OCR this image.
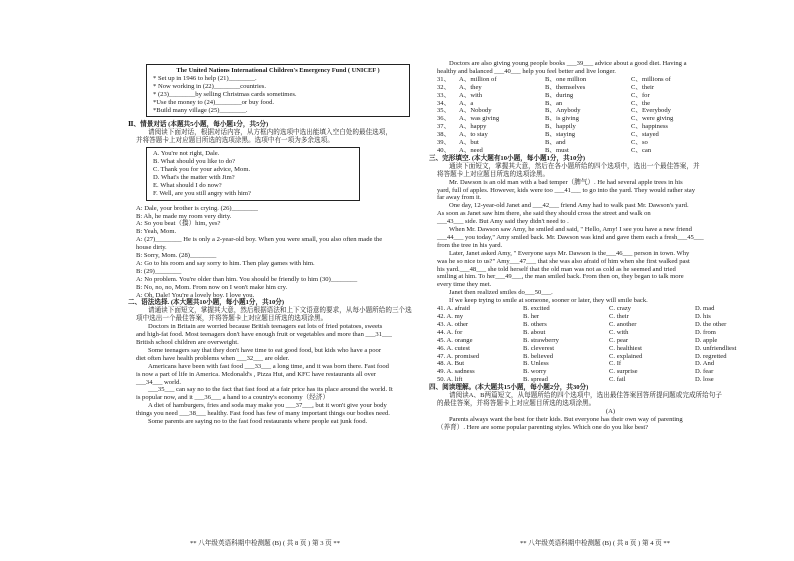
The United Nations International Children's Emergency Fund ( UNICEF )
* Set up in 1946 to help (21)________.
* Now working in (22)________countries.
* (23)________by selling Christmas cards sometimes.
*Use the money to (24)________or buy food.
*Build many village (25)________.
Ⅱ、情景对话 (本题共5小题，每小题1分，共5分)
请阅读下面对话，根据对话内容，从方框内的选项中选出能填入空白处的最佳选项，
并将答题卡上对应题目所选的选项涂黑。选项中有一项为多余选项。
A. You're not right, Dale.
B. What should you like to do?
C. Thank you for your advice, Mom.
D. What's the matter with Jim?
E. What should I do now?
F. Well, are you still angry with him?
A: Dale, your brother is crying. (26)________
B: Ah, he made my room very dirty.
A: So you beat（揍）him, yes?
B: Yeah, Mom.
A: (27)________ He is only a 2-year-old boy. When you were small, you also often made the
house dirty.
B: Sorry, Mom. (28)________
A: Go to his room and say sorry to him. Then play games with him.
B: (29)________
A: No problem. You're older than him. You should be friendly to him (30)________
B: No, no, no, Mom. From now on I won't make him cry.
A: Oh, Dale! You're a lovely boy. I love you.
二、语法选择. (本大题共10小题，每小题1分，共10分)
请通读下面短文，掌握其大意，然后根据语法和上下文语意的要求，从每小题所给的三个选
项中选出一个最佳答案，并将答题卡上对应题目所选的选项涂黑。
Doctors in Britain are worried because British teenagers eat lots of fried potatoes, sweets
and high-fat food. Most teenagers don't have enough fruit or vegetables and more than ___31___
British school children are overweight.
Some teenagers say that they don't have time to eat good food, but kids who have a poor
diet often have health problems when ___32___ are older.
Americans have been with fast food ___33___ a long time, and it was born there. Fast food
is now a part of life in America. Mcdonald's , Pizza Hut, and KFC have restaurants all over
___34___ world.
___35___ can say no to the fact that fast food at a fair price has its place around the world. It
is popular now, and it ___36___ a hand to a country's economy（经济）
A diet of hamburgers, fries and soda may make you ___37___, but it won't give your body
things you need ___38___ healthy. Fast food has few of many important things our bodies need.
Some parents are saying no to the fast food restaurants where people eat junk food.
** 八年级英语科期中检测题 (B) ( 共 8 页 ) 第 3 页 **
Doctors are also giving young people books ___39___ advice about a good diet. Having a
healthy and balanced ___40___ help you feel better and live longer.
31、	A、million of	B、one million	C、millions of
32、	A、they	B、themselves	C、their
33、	A、with	B、during	C、for
34、	A、a	B、an	C、the
35、	A、Nobody	B、Anybody	C、Everybody
36、	A、was giving	B、is giving	C、were giving
37、	A、happy	B、happily	C、happiness
38、	A、to stay	B、staying	C、stayed
39、	A、but	B、and	C、so
40、	A、need	B、must	C、can
三、完形填空. (本大题有10小题，每小题1分，共10分)
通读下面短文，掌握其大意，然后在各小题所给的四个选项中，选出一个最佳答案，并
将答题卡上对应题目所选的选项涂黑。
Mr. Dawson is an old man with a bad temper（脾气）. He had several apple trees in his
yard, full of apples. However, kids were too ___41___ to go into the yard. They would rather stay
far away from it.
One day, 12-year-old Janet and ___42___ friend Amy had to walk past Mr. Dawson's yard.
As soon as Janet saw him there, she said they should cross the street and walk on
___43___ side. But Amy said they didn't need to .
When Mr. Dawson saw Amy, he smiled and said, " Hello, Amy! I see you have a new friend
___44___ you today," Amy smiled back. Mr. Dawson was kind and gave them each a fresh___45___
from the tree in his yard.
Later, Janet asked Amy, " Everyone says Mr. Dawson is the___46___ person in town. Why
was he so nice to us?" Amy___47___ that she was also afraid of him when she first walked past
his yard.___48___ she told herself that the old man was not as cold as he seemed and tried
smiling at him. To her___49___, the man smiled back. From then on, they began to talk more
every time they met.
Janet then realized smiles do___50___.
If we keep trying to smile at someone, sooner or later, they will smile back.
41. A. afraid	B. excited	C. crazy	D. mad
42. A. my	B. her	C. their	D. his
43. A. other	B. others	C. another	D. the other
44. A. for	B. about	C. with	D. from
45. A. orange	B. strawberry	C. pear	D. apple
46. A. cutest	B. cleverest	C. healthiest	D. unfriendliest
47. A. promised	B. believed	C. explained	D. regretted
48. A. But	B. Unless	C. If	D. And
49. A. sadness	B. worry	C. surprise	D. fear
50. A. lift	B. spread	C. fail	D. lose
四、阅读理解。(本大题共15小题，每小题2分，共30分)
请阅读A、B两篇短文，从每题所给的四个选项中，选出最佳答案回答所提问题或完成所给句子
的最佳答案，并将答题卡上对应题目所选的选项涂黑。
(A)
Parents always want the best for their kids. But everyone has their own way of parenting
（养育）. Here are some popular parenting styles. Which one do you like best?
** 八年级英语科期中检测题 (B) ( 共 8 页 ) 第 4 页 **
